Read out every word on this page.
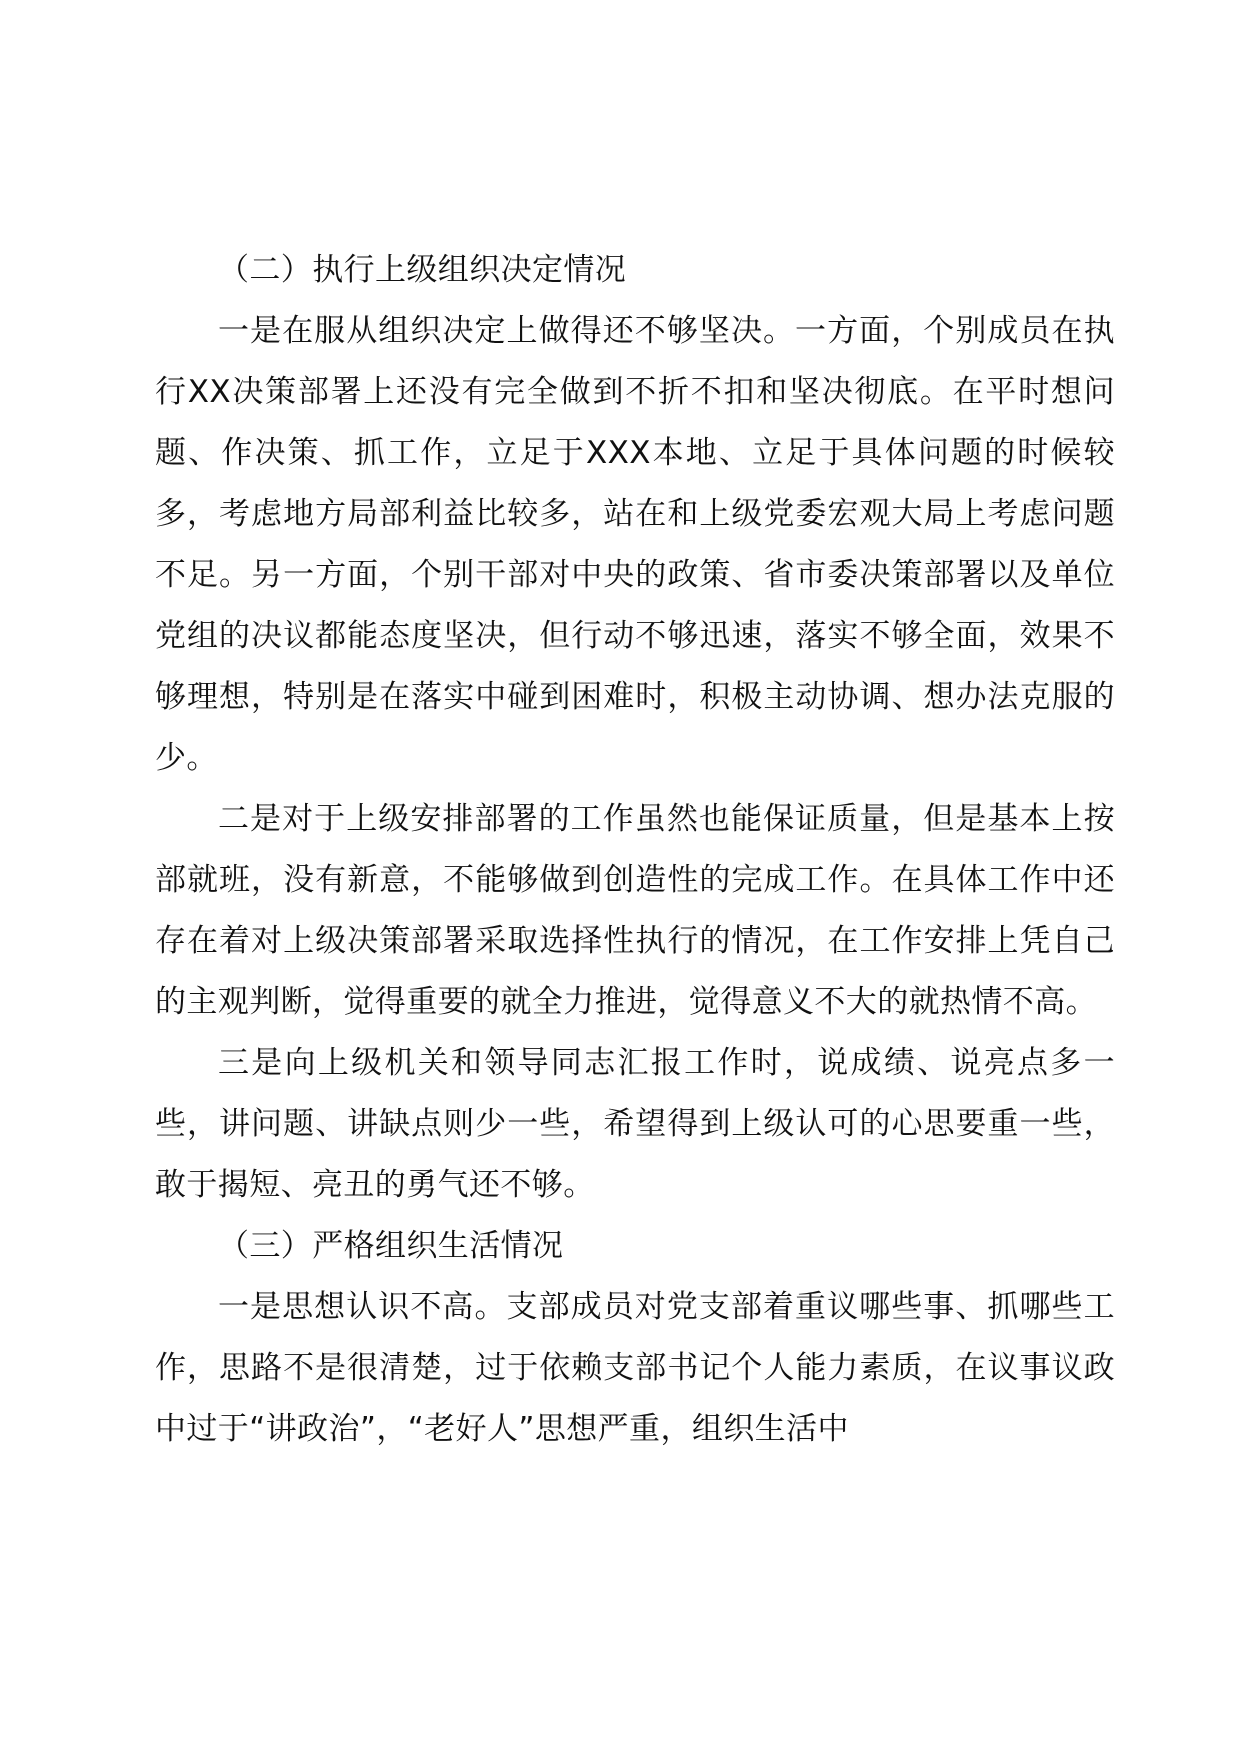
（二）执行上级组织决定情况

一是在服从组织决定上做得还不够坚决。一方面，个别成员在执行XX决策部署上还没有完全做到不折不扣和坚决彻底。在平时想问题、作决策、抓工作，立足于XXX本地、立足于具体问题的时候较多，考虑地方局部利益比较多，站在和上级党委宏观大局上考虑问题不足。另一方面，个别干部对中央的政策、省市委决策部署以及单位党组的决议都能态度坚决，但行动不够迅速，落实不够全面，效果不够理想，特别是在落实中碰到困难时，积极主动协调、想办法克服的少。

二是对于上级安排部署的工作虽然也能保证质量，但是基本上按部就班，没有新意，不能够做到创造性的完成工作。在具体工作中还存在着对上级决策部署采取选择性执行的情况，在工作安排上凭自己的主观判断，觉得重要的就全力推进，觉得意义不大的就热情不高。

三是向上级机关和领导同志汇报工作时，说成绩、说亮点多一些，讲问题、讲缺点则少一些，希望得到上级认可的心思要重一些，敢于揭短、亮丑的勇气还不够。

（三）严格组织生活情况

一是思想认识不高。支部成员对党支部着重议哪些事、抓哪些工作，思路不是很清楚，过于依赖支部书记个人能力素质，在议事议政中过于“讲政治”，“老好人”思想严重，组织生活中
